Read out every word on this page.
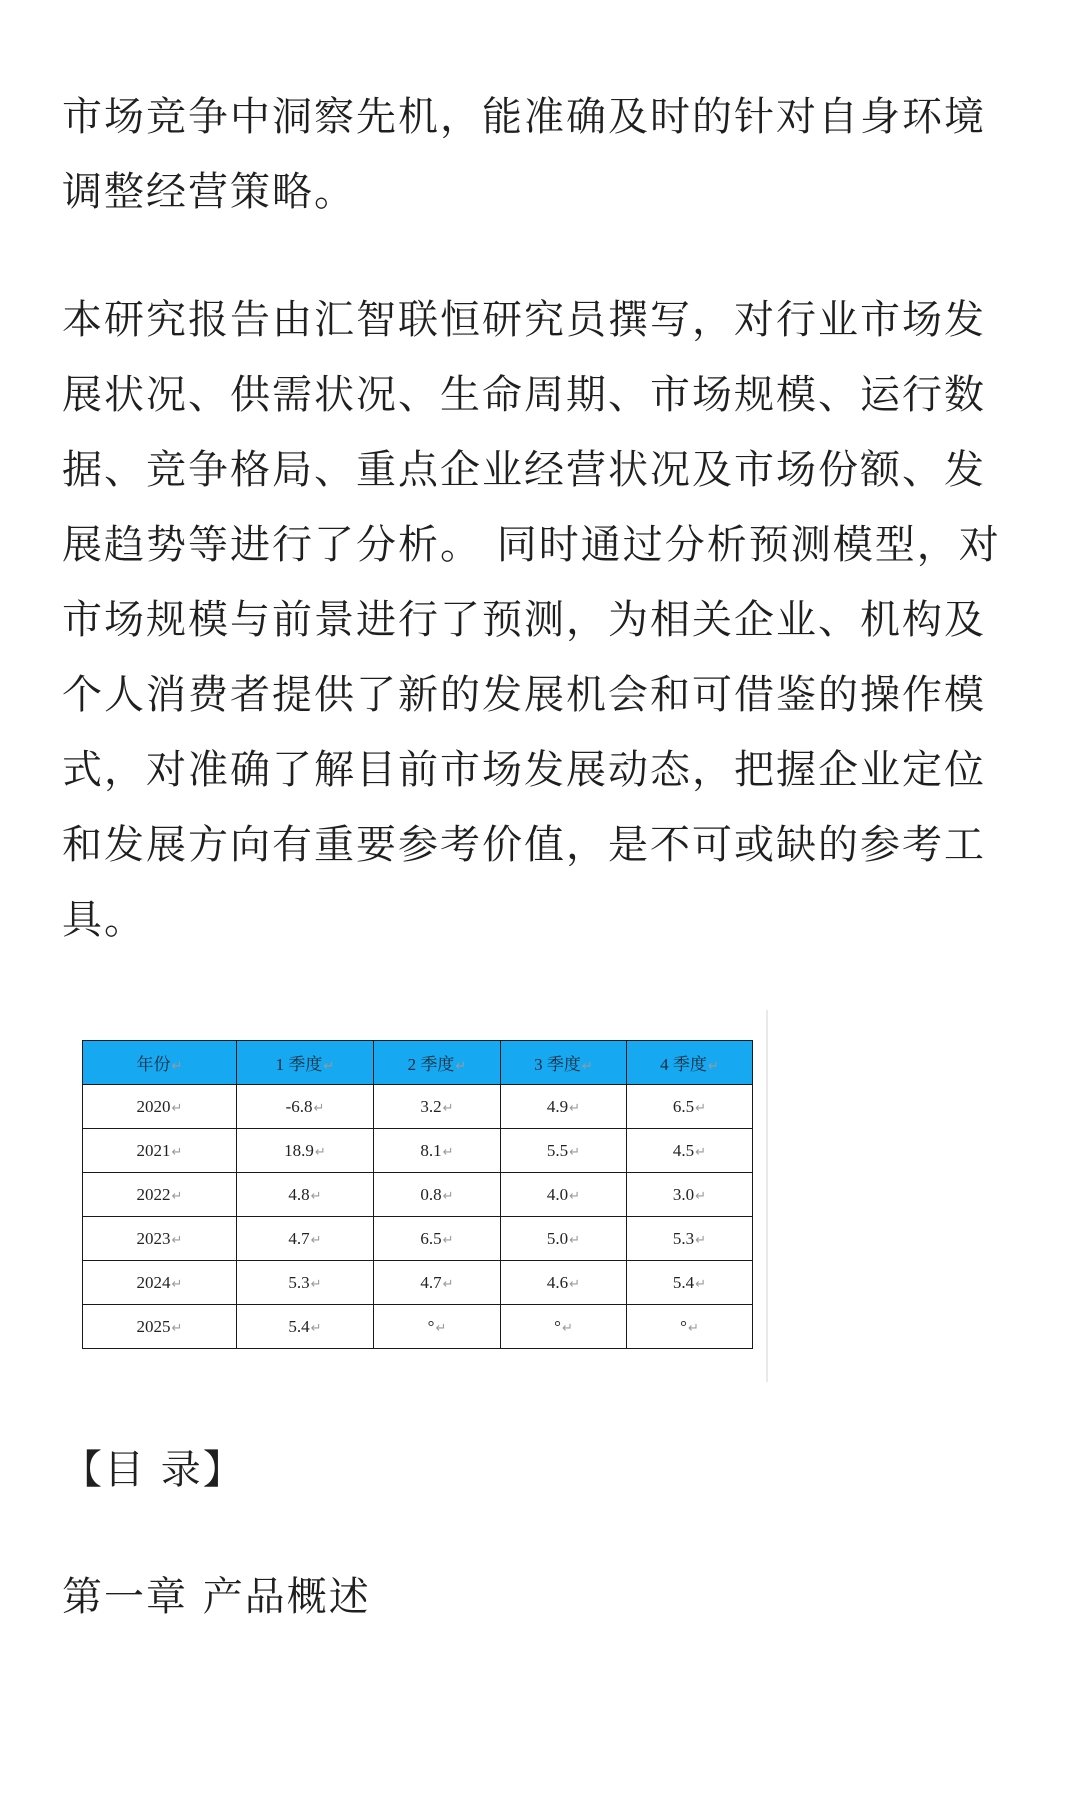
市场竞争中洞察先机，能准确及时的针对自身环境调整经营策略。

本研究报告由汇智联恒研究员撰写，对行业市场发展状况、供需状况、生命周期、市场规模、运行数据、竞争格局、重点企业经营状况及市场份额、发展趋势等进行了分析。 同时通过分析预测模型，对市场规模与前景进行了预测，为相关企业、机构及个人消费者提供了新的发展机会和可借鉴的操作模式，对准确了解目前市场发展动态，把握企业定位和发展方向有重要参考价值，是不可或缺的参考工具。

年份↵	1 季度↵	2 季度↵	3 季度↵	4 季度↵
2020↵	-6.8↵	3.2↵	4.9↵	6.5↵
2021↵	18.9↵	8.1↵	5.5↵	4.5↵
2022↵	4.8↵	0.8↵	4.0↵	3.0↵
2023↵	4.7↵	6.5↵	5.0↵	5.3↵
2024↵	5.3↵	4.7↵	4.6↵	5.4↵
2025↵	5.4↵	°↵	°↵	°↵

【目 录】

第一章 产品概述
